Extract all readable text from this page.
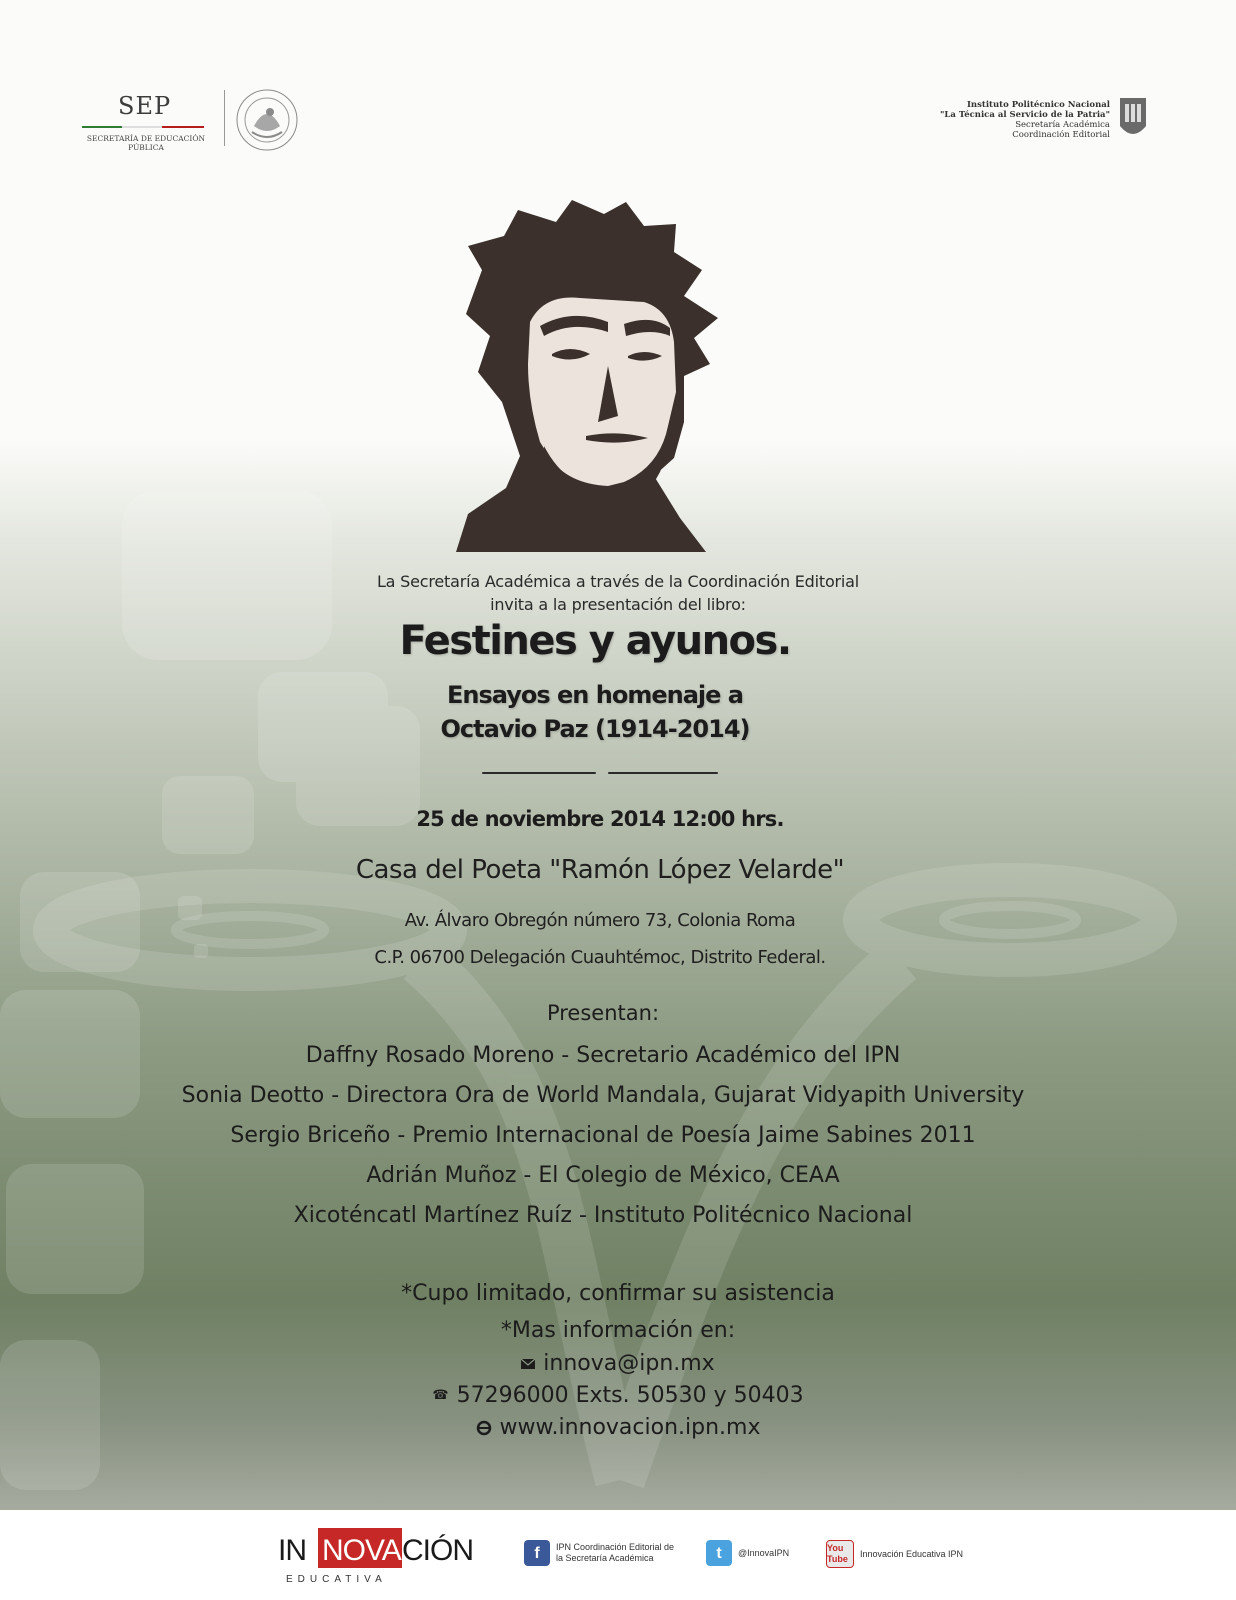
SEP
SECRETARÍA DE EDUCACIÓN PÚBLICA
Instituto Politécnico Nacional
"La Técnica al Servicio de la Patria"
Secretaría Académica
Coordinación Editorial
La Secretaría Académica a través de la Coordinación Editorial
invita a la presentación del libro:
Festines y ayunos.
Ensayos en homenaje a
Octavio Paz (1914-2014)
25 de noviembre 2014 12:00 hrs.
Casa del Poeta "Ramón López Velarde"
Av. Álvaro Obregón número 73, Colonia Roma
C.P. 06700 Delegación Cuauhtémoc, Distrito Federal.
Presentan:
Daffny Rosado Moreno - Secretario Académico del IPN
Sonia Deotto - Directora Ora de World Mandala, Gujarat Vidyapith University
Sergio Briceño - Premio Internacional de Poesía Jaime Sabines 2011
Adrián Muñoz - El Colegio de México, CEAA
Xicoténcatl Martínez Ruíz - Instituto Politécnico Nacional
*Cupo limitado, confirmar su asistencia
*Mas información en:
innova@ipn.mx
☎ 57296000 Exts. 50530 y 50403
www.innovacion.ipn.mx
IN NOVA CIÓN
EDUCATIVA
f	IPN Coordinación Editorial de la Secretaría Académica	t	@InnovaIPN	You Tube
Innovación Educativa IPN
